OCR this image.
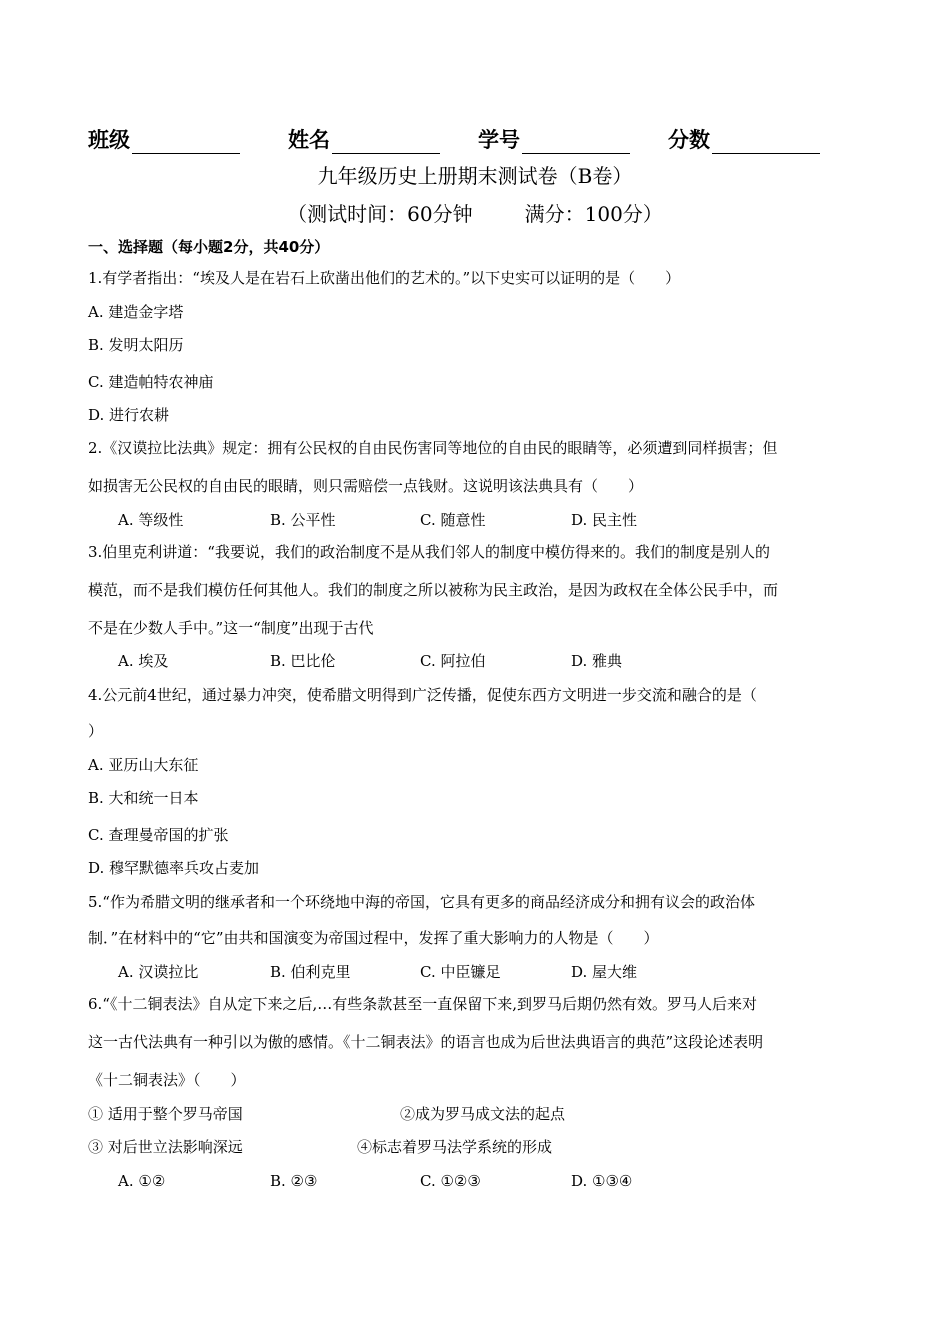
班级	姓名	学号	分数
九年级历史上册期末测试卷（B卷）
（测试时间：60分钟	满分：100分）
一、选择题（每小题2分，共40分）
1.有学者指出：“埃及人是在岩石上砍凿出他们的艺术的。”以下史实可以证明的是（　　）
A. 建造金字塔
B. 发明太阳历
C. 建造帕特农神庙
D. 进行农耕
2.《汉谟拉比法典》规定：拥有公民权的自由民伤害同等地位的自由民的眼睛等，必须遭到同样损害；但
如损害无公民权的自由民的眼睛，则只需赔偿一点钱财。这说明该法典具有（　　）
A. 等级性	B. 公平性	C. 随意性	D. 民主性
3.伯里克利讲道：“我要说，我们的政治制度不是从我们邻人的制度中模仿得来的。我们的制度是别人的
模范，而不是我们模仿任何其他人。我们的制度之所以被称为民主政治，是因为政权在全体公民手中，而
不是在少数人手中。”这一“制度”出现于古代
A. 埃及	B. 巴比伦	C. 阿拉伯	D. 雅典
4.公元前4世纪，通过暴力冲突，使希腊文明得到广泛传播，促使东西方文明进一步交流和融合的是（
）
A. 亚历山大东征
B. 大和统一日本
C. 查理曼帝国的扩张
D. 穆罕默德率兵攻占麦加
5.“作为希腊文明的继承者和一个环绕地中海的帝国，它具有更多的商品经济成分和拥有议会的政治体
制．”在材料中的“它”由共和国演变为帝国过程中，发挥了重大影响力的人物是（　　）
A. 汉谟拉比	B. 伯利克里	C. 中臣镰足	D. 屋大维
6.“《十二铜表法》自从定下来之后,…有些条款甚至一直保留下来,到罗马后期仍然有效。罗马人后来对
这一古代法典有一种引以为傲的感情。《十二铜表法》的语言也成为后世法典语言的典范”这段论述表明
《十二铜表法》（　　）
① 适用于整个罗马帝国	②成为罗马成文法的起点
③ 对后世立法影响深远	④标志着罗马法学系统的形成
A. ①②	B. ②③	C. ①②③	D. ①③④
